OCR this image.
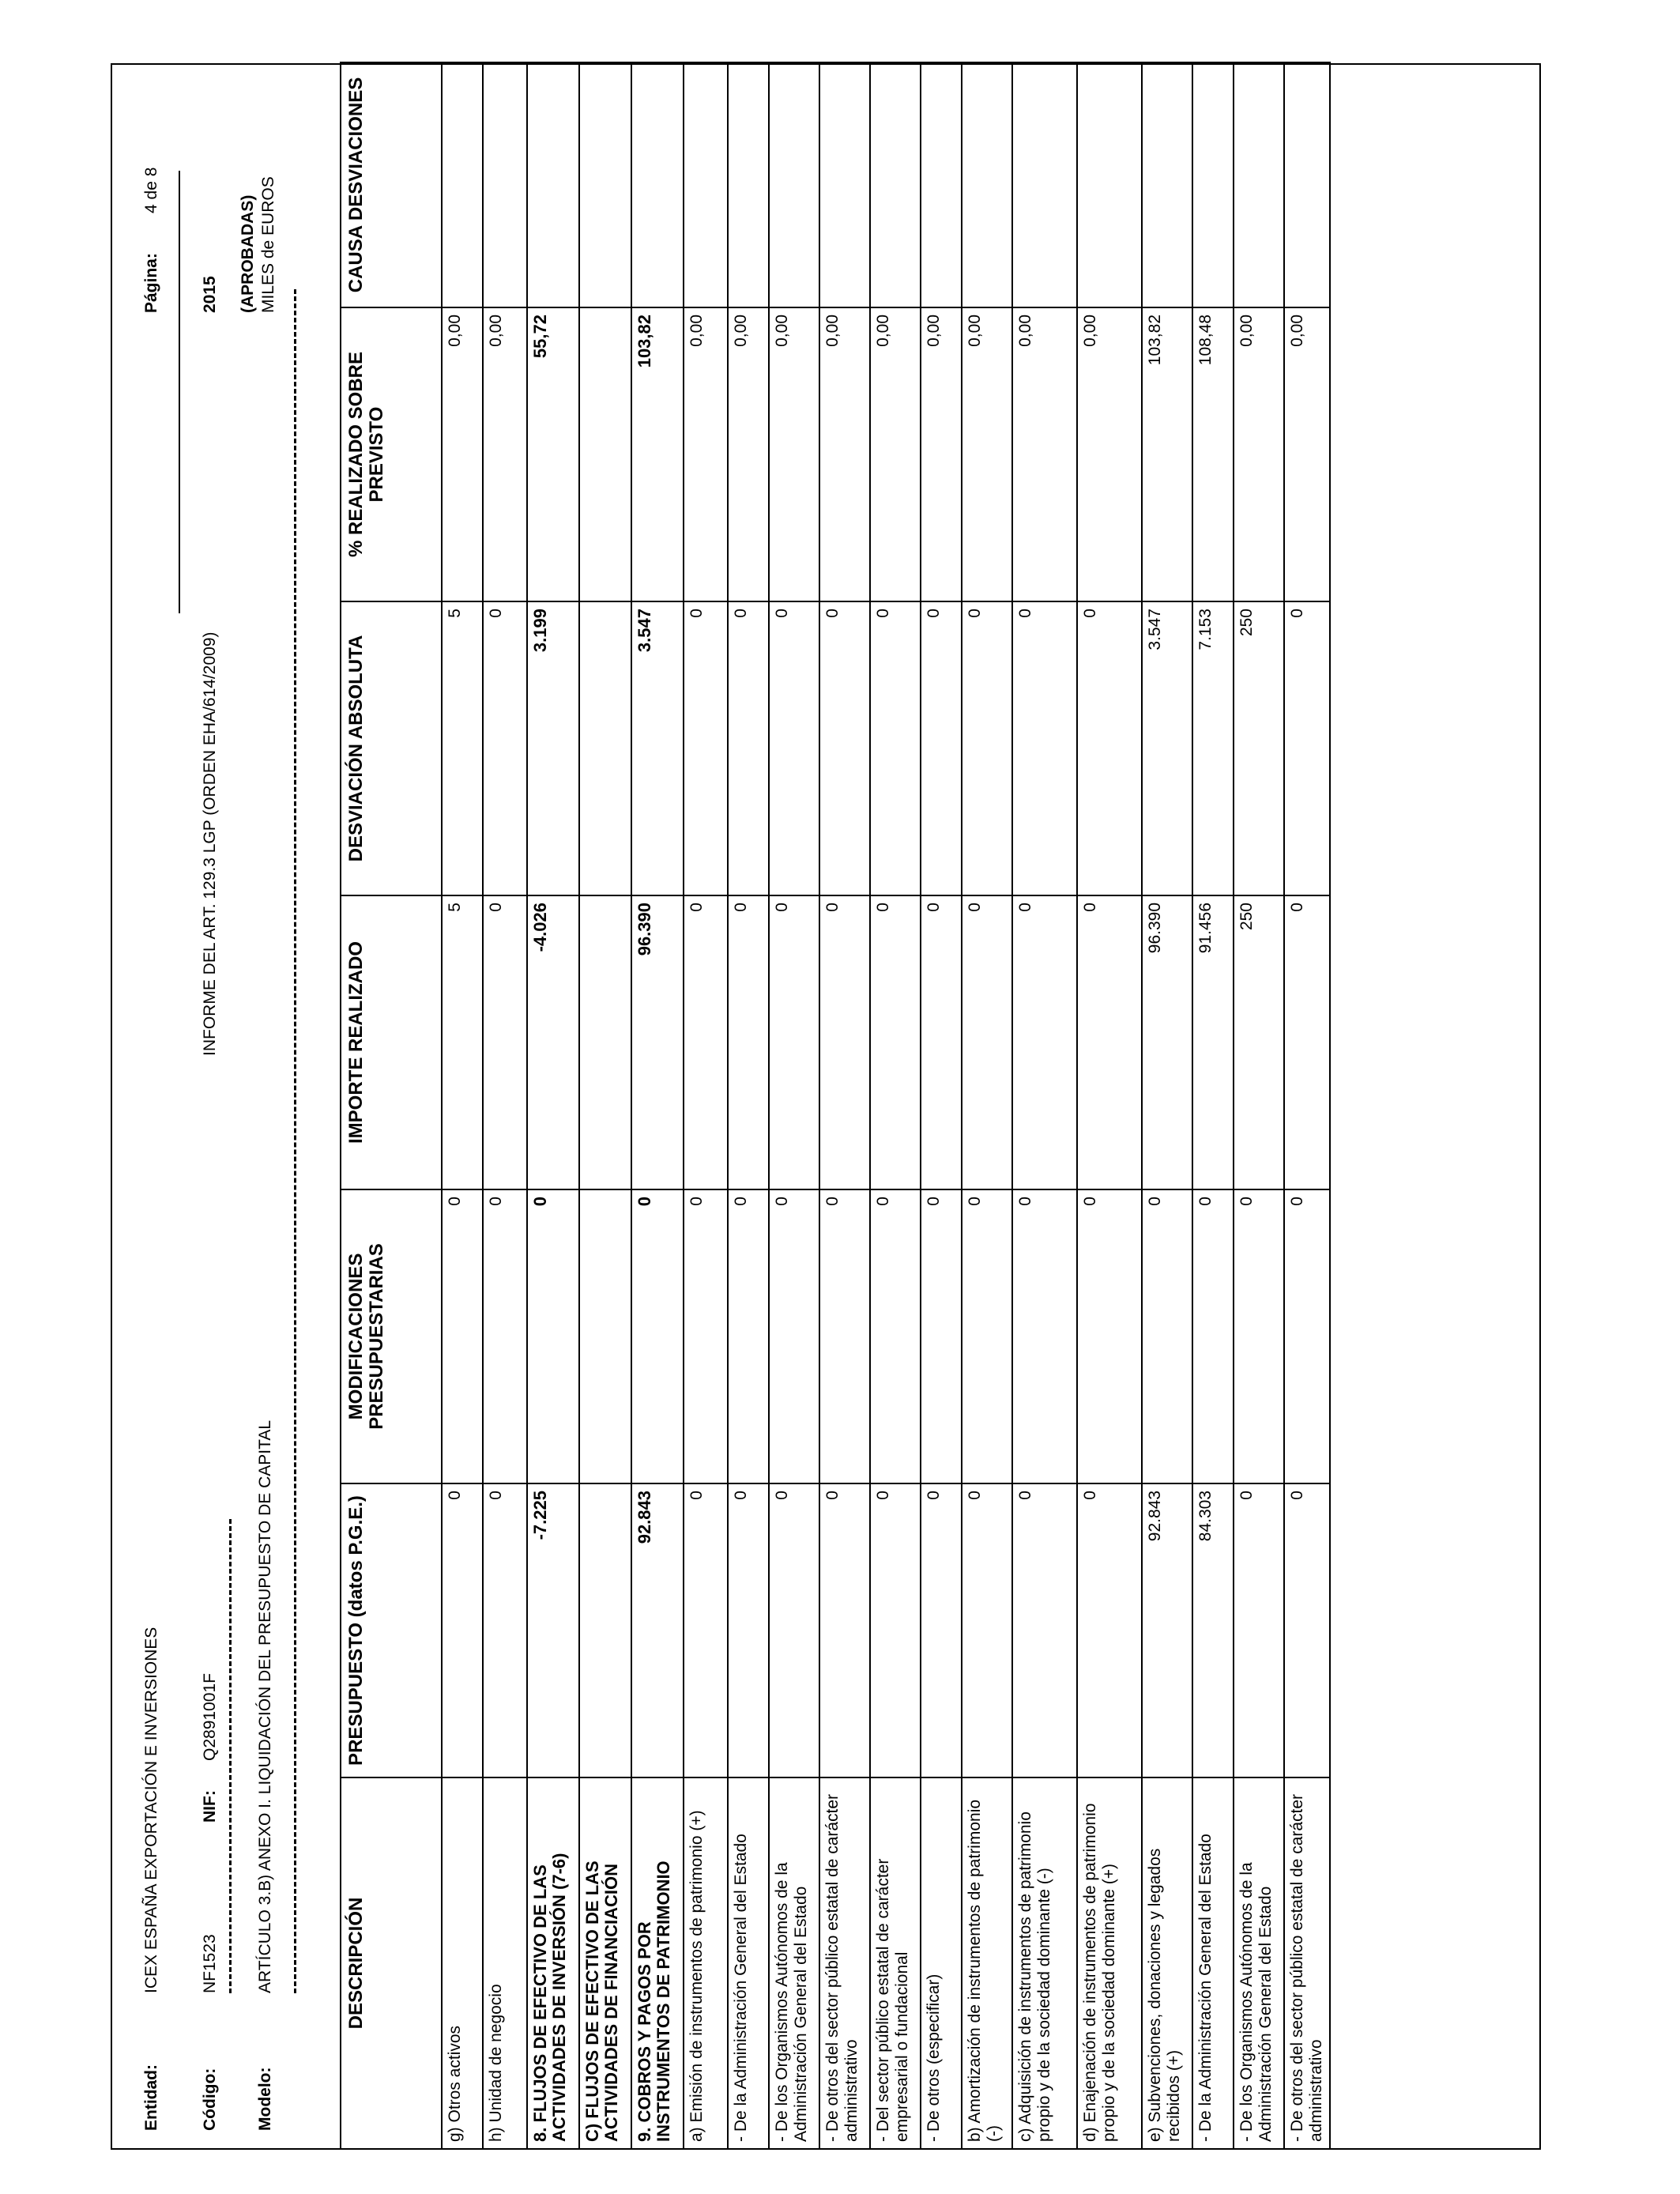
Entidad:
ICEX ESPAÑA EXPORTACIÓN E INVERSIONES
Código:
NF1523
NIF:
Q2891001F
INFORME DEL ART. 129.3 LGP (ORDEN EHA/614/2009)
Modelo:
ARTÍCULO 3.B) ANEXO I. LIQUIDACIÓN DEL PRESUPUESTO DE CAPITAL
Página:
4 de 8
2015 (APROBADAS) MILES de EUROS
DESCRIPCIÓN	PRESUPUESTO (datos P.G.E.)	MODIFICACIONES PRESUPUESTARIAS	IMPORTE REALIZADO	DESVIACIÓN ABSOLUTA	% REALIZADO SOBRE PREVISTO	CAUSA DESVIACIONES
g) Otros activos	0	0	5	5	0,00	
h) Unidad de negocio	0	0	0	0	0,00	
8. FLUJOS DE EFECTIVO DE LAS ACTIVIDADES DE INVERSIÓN (7-6)	-7.225	0	-4.026	3.199	55,72	
C) FLUJOS DE EFECTIVO DE LAS ACTIVIDADES DE FINANCIACIÓN						
9. COBROS Y PAGOS POR INSTRUMENTOS DE PATRIMONIO	92.843	0	96.390	3.547	103,82	
a) Emisión de instrumentos de patrimonio (+)	0	0	0	0	0,00	
- De la Administración General del Estado	0	0	0	0	0,00	
- De los Organismos Autónomos de la Administración General del Estado	0	0	0	0	0,00	
- De otros del sector público estatal de carácter administrativo	0	0	0	0	0,00	
- Del sector público estatal de carácter empresarial o fundacional	0	0	0	0	0,00	
- De otros (especificar)	0	0	0	0	0,00	
b) Amortización de instrumentos de patrimonio (-)	0	0	0	0	0,00	
c) Adquisición de instrumentos de patrimonio propio y de la sociedad dominante (-)	0	0	0	0	0,00	
d) Enajenación de instrumentos de patrimonio propio y de la sociedad dominante (+)	0	0	0	0	0,00	
e) Subvenciones, donaciones y legados recibidos (+)	92.843	0	96.390	3.547	103,82	
- De la Administración General del Estado	84.303	0	91.456	7.153	108,48	
- De los Organismos Autónomos de la Administración General del Estado	0	0	250	250	0,00	
- De otros del sector público estatal de carácter administrativo	0	0	0	0	0,00	
